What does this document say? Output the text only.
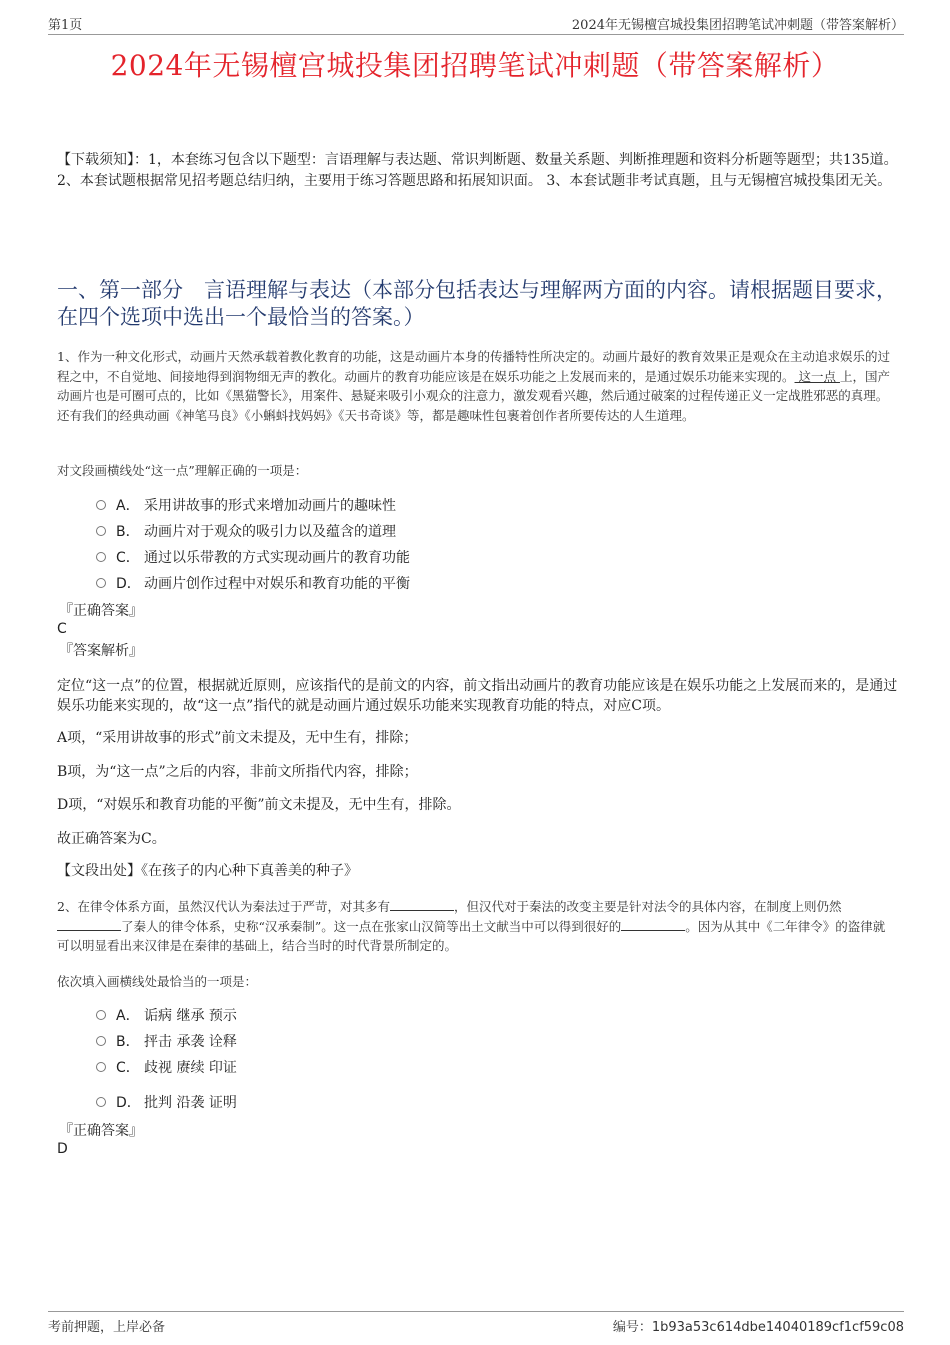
第1页	2024年无锡檀宫城投集团招聘笔试冲刺题（带答案解析）
2024年无锡檀宫城投集团招聘笔试冲刺题（带答案解析）
【下载须知】：1，本套练习包含以下题型：言语理解与表达题、常识判断题、数量关系题、判断推理题和资料分析题等题型；共135道。 2、本套试题根据常见招考题总结归纳，主要用于练习答题思路和拓展知识面。 3、本套试题非考试真题，且与无锡檀宫城投集团无关。
一、第一部分　言语理解与表达（本部分包括表达与理解两方面的内容。请根据题目要求，在四个选项中选出一个最恰当的答案。）
1、作为一种文化形式，动画片天然承载着教化教育的功能，这是动画片本身的传播特性所决定的。动画片最好的教育效果正是观众在主动追求娱乐的过程之中，不自觉地、间接地得到润物细无声的教化。动画片的教育功能应该是在娱乐功能之上发展而来的，是通过娱乐功能来实现的。 这一点 上，国产动画片也是可圈可点的，比如《黑猫警长》，用案件、悬疑来吸引小观众的注意力，激发观看兴趣，然后通过破案的过程传递正义一定战胜邪恶的真理。还有我们的经典动画《神笔马良》《小蝌蚪找妈妈》《天书奇谈》等，都是趣味性包裹着创作者所要传达的人生道理。
对文段画横线处“这一点”理解正确的一项是：
A． 采用讲故事的形式来增加动画片的趣味性
B． 动画片对于观众的吸引力以及蕴含的道理
C． 通过以乐带教的方式实现动画片的教育功能
D． 动画片创作过程中对娱乐和教育功能的平衡
『正确答案』
C
『答案解析』
定位“这一点”的位置，根据就近原则，应该指代的是前文的内容，前文指出动画片的教育功能应该是在娱乐功能之上发展而来的，是通过娱乐功能来实现的，故“这一点”指代的就是动画片通过娱乐功能来实现教育功能的特点，对应C项。
A项，“采用讲故事的形式”前文未提及，无中生有，排除；
B项，为“这一点”之后的内容，非前文所指代内容，排除；
D项，“对娱乐和教育功能的平衡”前文未提及，无中生有，排除。
故正确答案为C。
【文段出处】《在孩子的内心种下真善美的种子》
2、在律令体系方面，虽然汉代认为秦法过于严苛，对其多有	，但汉代对于秦法的改变主要是针对法令的具体内容，在制度上则仍然了秦人的律令体系，史称“汉承秦制”。这一点在张家山汉简等出土文献当中可以得到很好的	。因为从其中《二年律令》的盗律就可以明显看出来汉律是在秦律的基础上，结合当时的时代背景所制定的。
依次填入画横线处最恰当的一项是：
A． 诟病 继承 预示
B． 抨击 承袭 诠释
C． 歧视 赓续 印证
D． 批判 沿袭 证明
『正确答案』
D
考前押题，上岸必备	编号：1b93a53c614dbe14040189cf1cf59c08
